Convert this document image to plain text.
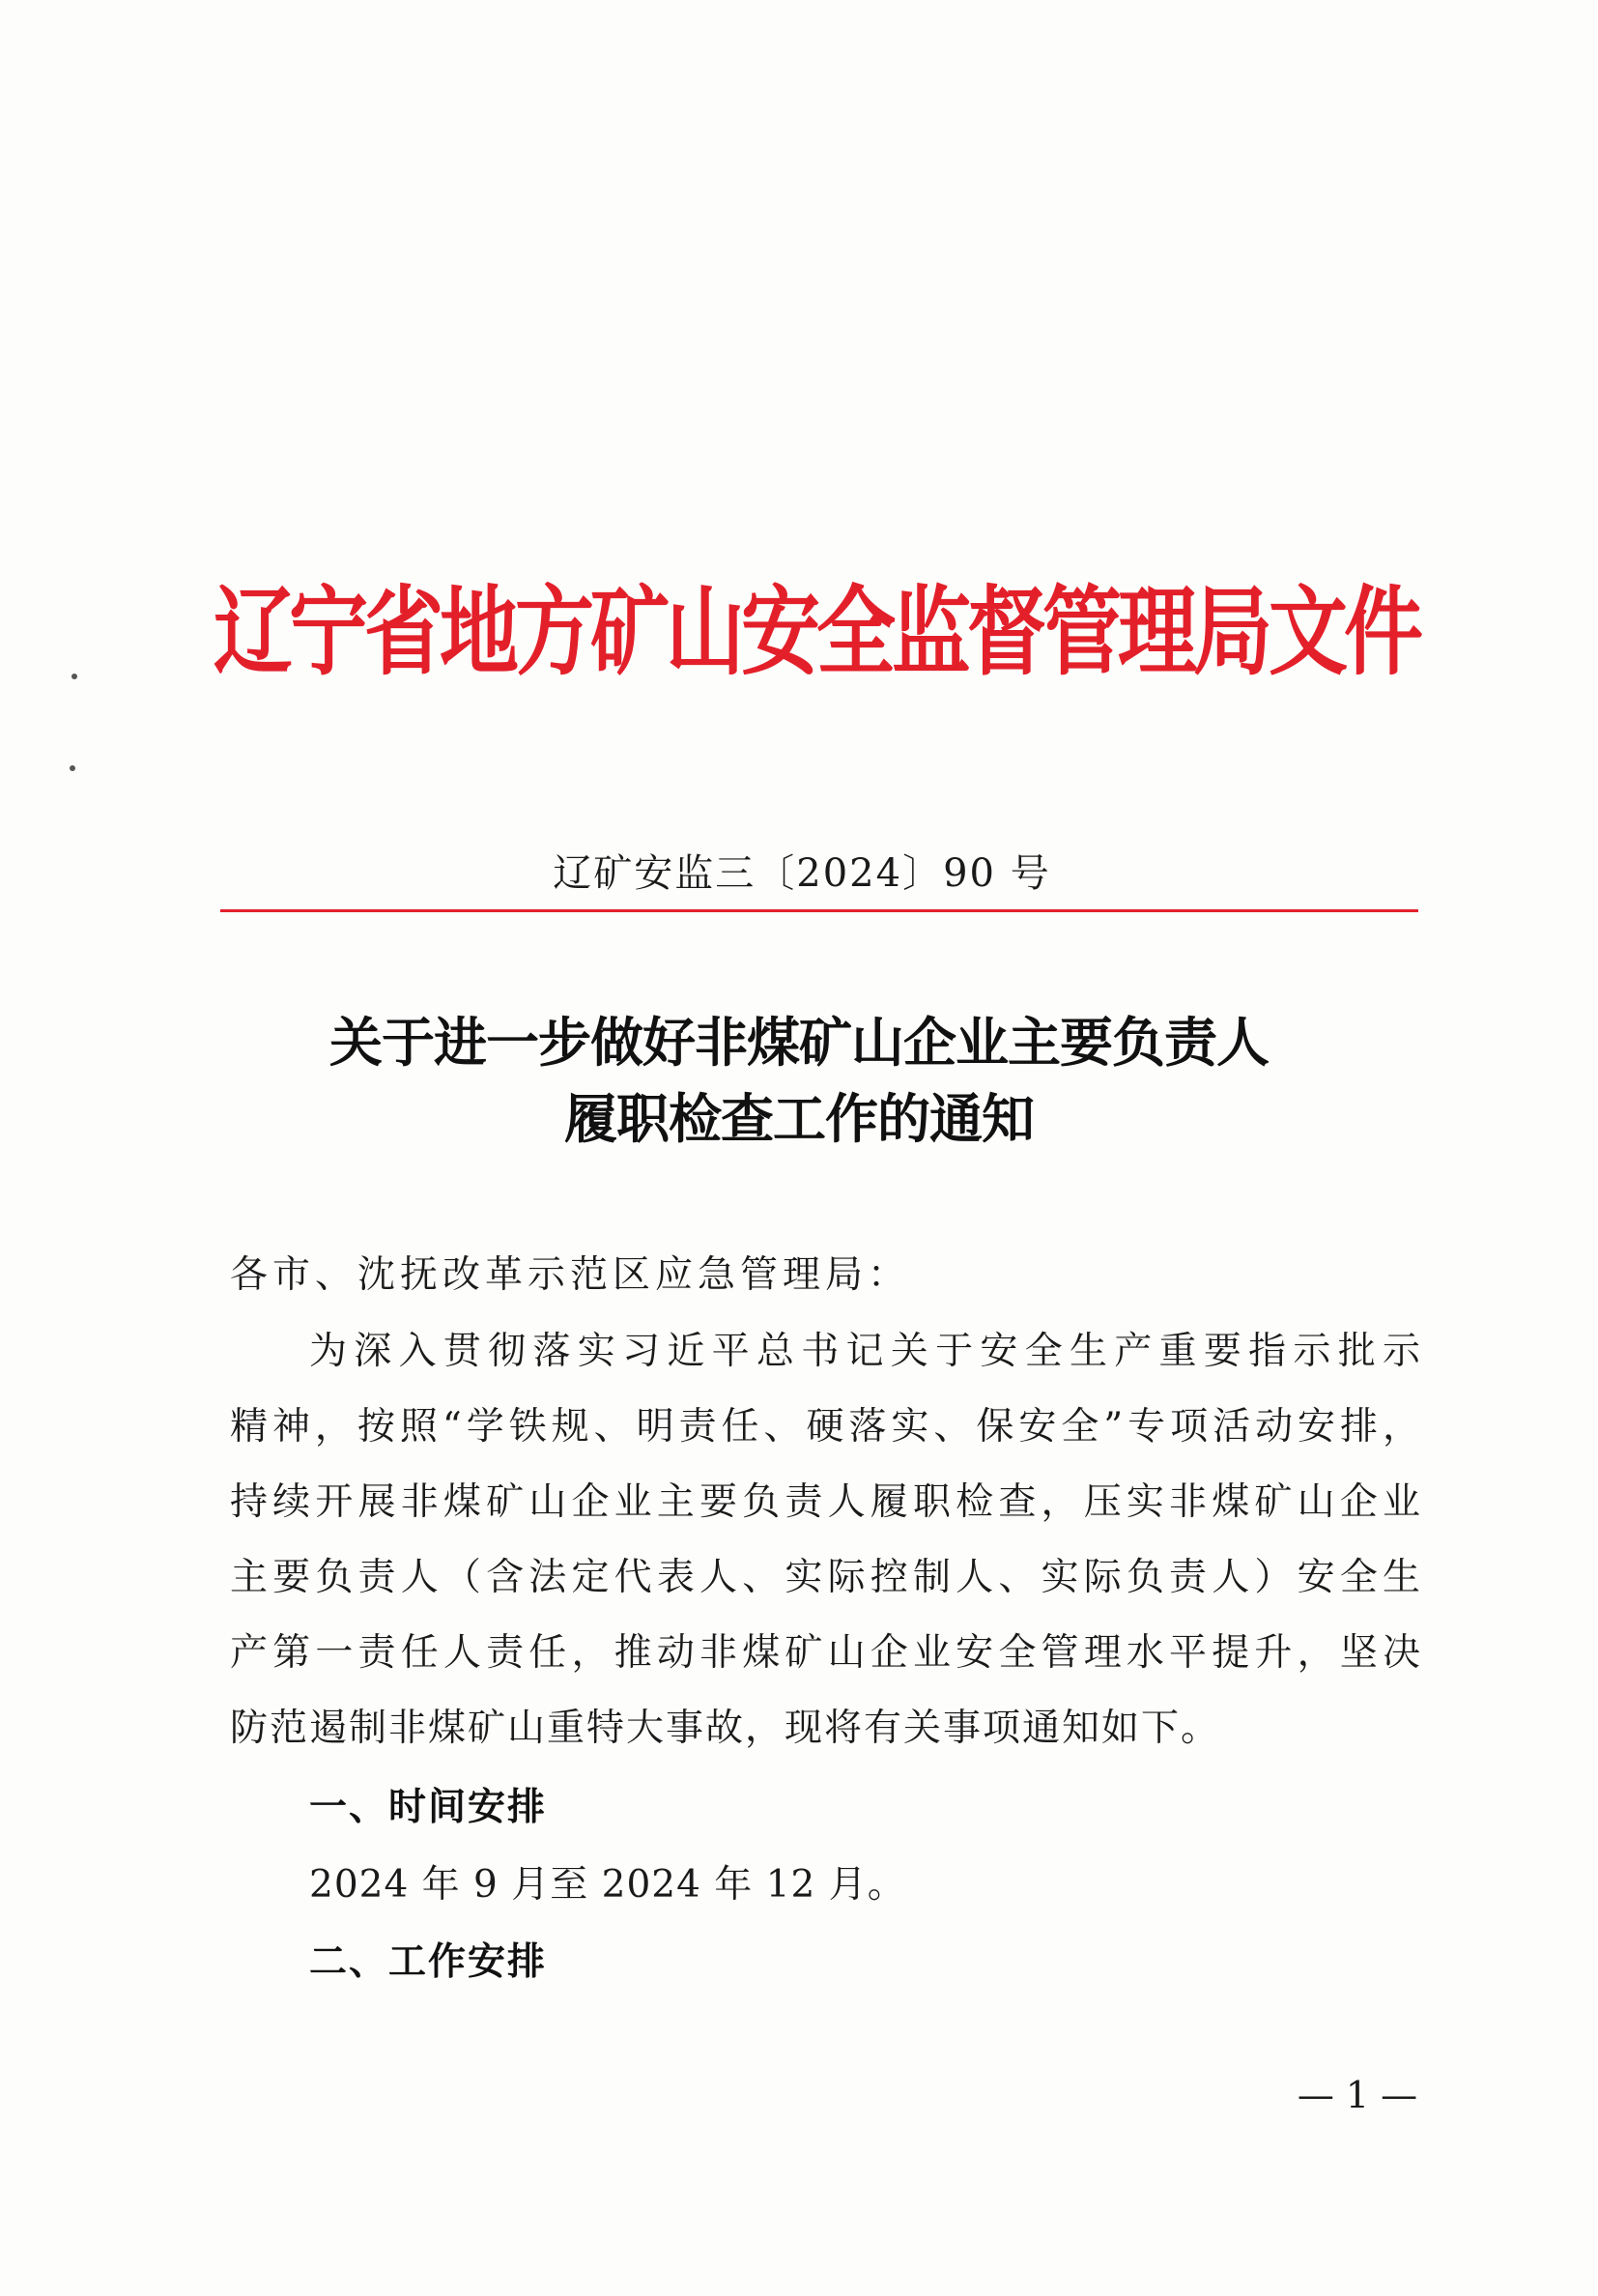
辽宁省地方矿山安全监督管理局文件
辽矿安监三〔2024〕90 号
关于进一步做好非煤矿山企业主要负责人
履职检查工作的通知
各市、沈抚改革示范区应急管理局：
为深入贯彻落实习近平总书记关于安全生产重要指示批示
精神，按照“学铁规、明责任、硬落实、保安全”专项活动安排，
持续开展非煤矿山企业主要负责人履职检查，压实非煤矿山企业
主要负责人（含法定代表人、实际控制人、实际负责人）安全生
产第一责任人责任，推动非煤矿山企业安全管理水平提升，坚决
防范遏制非煤矿山重特大事故，现将有关事项通知如下。
一、时间安排
2024 年 9 月至 2024 年 12 月。
二、工作安排
— 1 —
